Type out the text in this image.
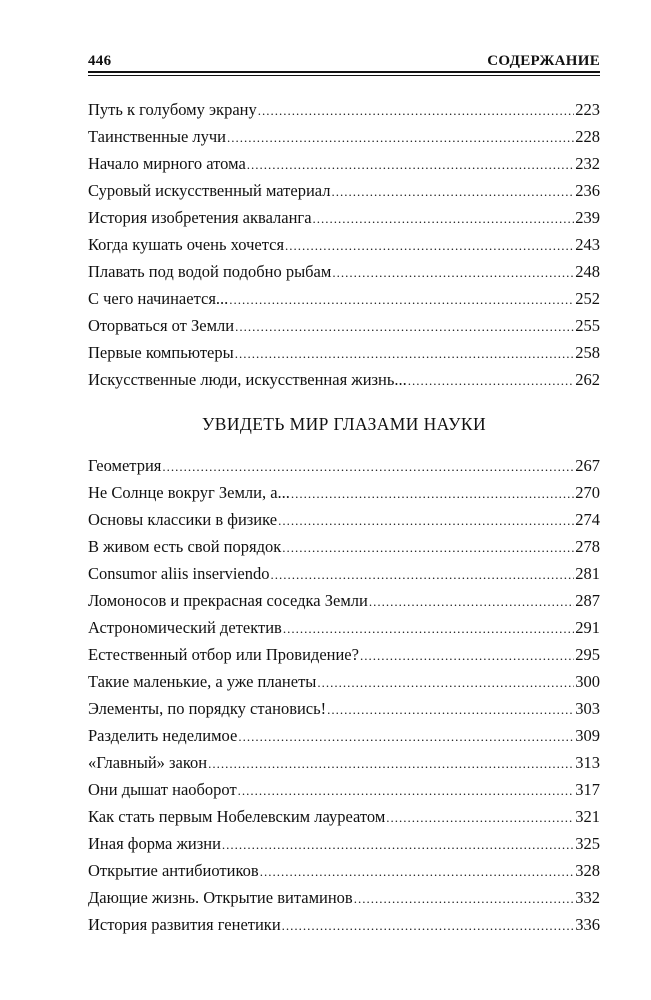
446	СОДЕРЖАНИЕ
Путь к голубому экрану .....	223
Таинственные лучи .....	228
Начало мирного атома .....	232
Суровый искусственный материал .....	236
История изобретения акваланга .....	239
Когда кушать очень хочется .....	243
Плавать под водой подобно рыбам .....	248
С чего начинается... .....	252
Оторваться от Земли .....	255
Первые компьютеры .....	258
Искусственные люди, искусственная жизнь... .....	262
УВИДЕТЬ МИР ГЛАЗАМИ НАУКИ
Геометрия .....	267
Не Солнце вокруг Земли, а... .....	270
Основы классики в физике .....	274
В живом есть свой порядок .....	278
Consumor aliis inserviendo .....	281
Ломоносов и прекрасная соседка Земли .....	287
Астрономический детектив .....	291
Естественный отбор или Провидение? .....	295
Такие маленькие, а уже планеты .....	300
Элементы, по порядку становись! .....	303
Разделить неделимое .....	309
«Главный» закон .....	313
Они дышат наоборот .....	317
Как стать первым Нобелевским лауреатом .....	321
Иная форма жизни .....	325
Открытие антибиотиков .....	328
Дающие жизнь. Открытие витаминов .....	332
История развития генетики .....	336
